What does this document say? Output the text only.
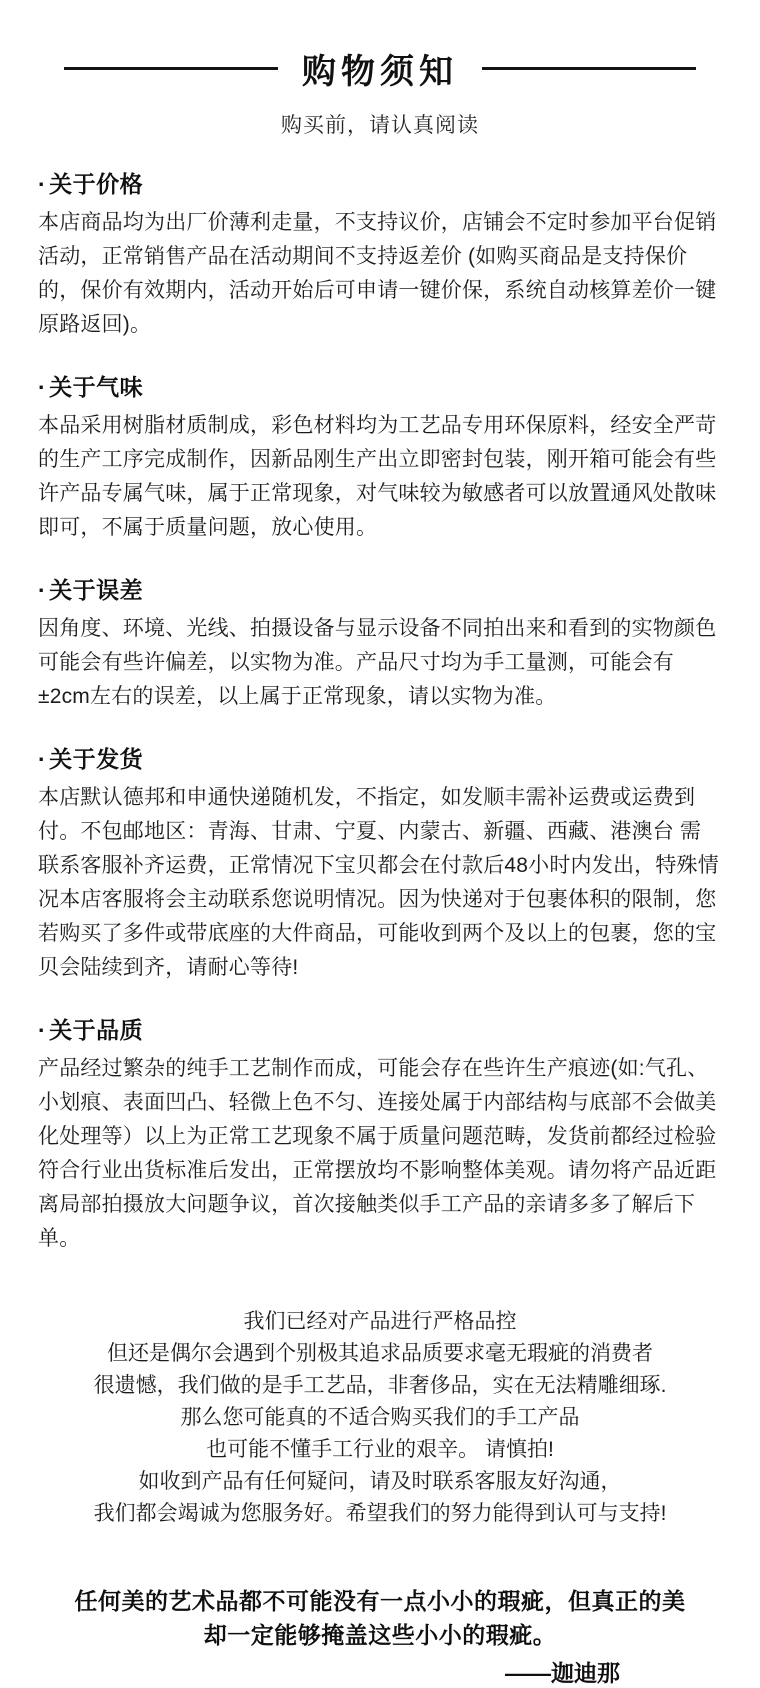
购物须知
购买前，请认真阅读
· 关于价格
本店商品均为出厂价薄利走量，不支持议价，店铺会不定时参加平台促销活动，正常销售产品在活动期间不支持返差价 (如购买商品是支持保价的，保价有效期内，活动开始后可申请一键价保，系统自动核算差价一键原路返回)。
· 关于气味
本品采用树脂材质制成，彩色材料均为工艺品专用环保原料，经安全严苛的生产工序完成制作，因新品刚生产出立即密封包装，刚开箱可能会有些许产品专属气味，属于正常现象，对气味较为敏感者可以放置通风处散味即可，不属于质量问题，放心使用。
· 关于误差
因角度、环境、光线、拍摄设备与显示设备不同拍出来和看到的实物颜色可能会有些许偏差，以实物为准。产品尺寸均为手工量测，可能会有±2cm左右的误差，以上属于正常现象，请以实物为准。
· 关于发货
本店默认德邦和申通快递随机发，不指定，如发顺丰需补运费或运费到付。不包邮地区：青海、甘肃、宁夏、内蒙古、新疆、西藏、港澳台 需联系客服补齐运费，正常情况下宝贝都会在付款后48小时内发出，特殊情况本店客服将会主动联系您说明情况。因为快递对于包裹体积的限制，您若购买了多件或带底座的大件商品，可能收到两个及以上的包裹，您的宝贝会陆续到齐，请耐心等待!
· 关于品质
产品经过繁杂的纯手工艺制作而成，可能会存在些许生产痕迹(如:气孔、小划痕、表面凹凸、轻微上色不匀、连接处属于内部结构与底部不会做美化处理等）以上为正常工艺现象不属于质量问题范畴，发货前都经过检验符合行业出货标准后发出，正常摆放均不影响整体美观。请勿将产品近距离局部拍摄放大问题争议，首次接触类似手工产品的亲请多多了解后下单。
我们已经对产品进行严格品控
但还是偶尔会遇到个别极其追求品质要求毫无瑕疵的消费者
很遗憾，我们做的是手工艺品，非奢侈品，实在无法精雕细琢.
那么您可能真的不适合购买我们的手工产品
也可能不懂手工行业的艰辛。 请慎拍!
如收到产品有任何疑问，请及时联系客服友好沟通，
我们都会竭诚为您服务好。希望我们的努力能得到认可与支持!
任何美的艺术品都不可能没有一点小小的瑕疵，但真正的美
却一定能够掩盖这些小小的瑕疵。
——迦迪那
